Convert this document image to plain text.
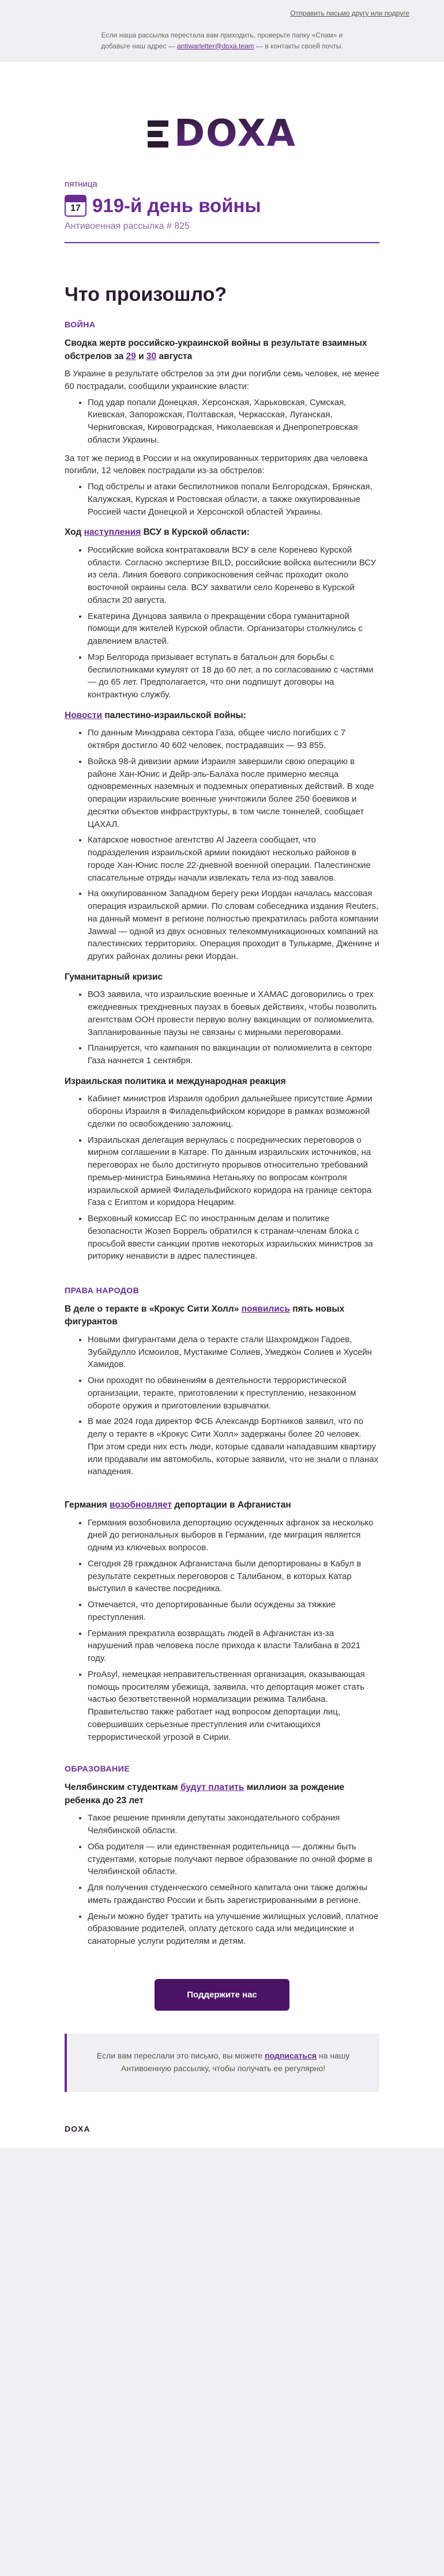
Отправить письмо другу или подруге
Если наша рассылка перестала вам приходить, проверьте папку «Спам» и добавьте наш адрес — antiwarletter@doxa.team — в контакты своей почты.
DOXA
пятница
17 919-й день войны
Антивоенная рассылка # 825
Что произошло?
ВОЙНА
Сводка жертв российско-украинской войны в результате взаимных обстрелов за 29 и 30 августа
В Украине в результате обстрелов за эти дни погибли семь человек, не менее 60 пострадали, сообщили украинские власти:
• Под удар попали Донецкая, Херсонская, Харьковская, Сумская, Киевская, Запорожская, Полтавская, Черкасская, Луганская, Черниговская, Кировоградская, Николаевская и Днепропетровская области Украины.
За тот же период в России и на оккупированных территориях два человека погибли, 12 человек пострадали из-за обстрелов:
• Под обстрелы и атаки беспилотников попали Белгородская, Брянская, Калужская, Курская и Ростовская области, а также оккупированные Россией части Донецкой и Херсонской областей Украины.
Ход наступления ВСУ в Курской области:
• Российские войска контратаковали ВСУ в селе Коренево Курской области. Согласно экспертизе BILD, российские войска вытеснили ВСУ из села. Линия боевого соприкосновения сейчас проходит около восточной окраины села. ВСУ захватили село Коренево в Курской области 20 августа.
• Екатерина Дунцова заявила о прекращении сбора гуманитарной помощи для жителей Курской области. Организаторы столкнулись с давлением властей.
• Мэр Белгорода призывает вступать в батальон для борьбы с беспилотниками кумулят от 18 до 60 лет, а по согласованию с частями — до 65 лет. Предполагается, что они подпишут договоры на контрактную службу.
Новости палестино-израильской войны:
• По данным Минздрава сектора Газа, общее число погибших с 7 октября достигло 40 602 человек, пострадавших — 93 855.
• Войска 98-й дивизии армии Израиля завершили свою операцию в районе Хан-Юнис и Дейр-эль-Балаха после примерно месяца одновременных наземных и подземных оперативных действий. В ходе операции израильские военные уничтожили более 250 боевиков и десятки объектов инфраструктуры, в том числе тоннелей, сообщает ЦАХАЛ.
• Катарское новостное агентство Al Jazeera сообщает, что подразделения израильской армии покидают несколько районов в городе Хан-Юнис после 22-дневной военной операции. Палестинские спасательные отряды начали извлекать тела из-под завалов.
• На оккупированном Западном берегу реки Иордан началась массовая операция израильской армии. По словам собеседника издания Reuters, на данный момент в регионе полностью прекратилась работа компании Jawwal — одной из двух основных телекоммуникационных компаний на палестинских территориях. Операция проходит в Тулькарме, Дженине и других районах долины реки Иордан.
Гуманитарный кризис
• ВОЗ заявила, что израильские военные и ХАМАС договорились о трех ежедневных трехдневных паузах в боевых действиях, чтобы позволить агентствам ООН провести первую волну вакцинации от полиомиелита. Запланированные паузы не связаны с мирными переговорами.
• Планируется, что кампания по вакцинации от полиомиелита в секторе Газа начнется 1 сентября.
Израильская политика и международная реакция
• Кабинет министров Израиля одобрил дальнейшее присутствие Армии обороны Израиля в Филадельфийском коридоре в рамках возможной сделки по освобождению заложниц.
• Израильская делегация вернулась с посреднических переговоров о мирном соглашении в Катаре. По данным израильских источников, на переговорах не было достигнуто прорывов относительно требований премьер-министра Биньямина Нетаньяху по вопросам контроля израильской армией Филадельфийского коридора на границе сектора Газа с Египтом и коридора Нецарим.
• Верховный комиссар ЕС по иностранным делам и политике безопасности Жозеп Боррель обратился к странам-членам блока с просьбой ввести санкции против некоторых израильских министров за риторику ненависти в адрес палестинцев.
ПРАВА НАРОДОВ
В деле о теракте в «Крокус Сити Холл» появились пять новых фигурантов
• Новыми фигурантами дела о теракте стали Шахромджон Гадоев, Зубайдулло Исмоилов, Мустакиме Солиев, Умеджон Солиев и Хусейн Хамидов.
• Они проходят по обвинениям в деятельности террористической организации, теракте, приготовлении к преступлению, незаконном обороте оружия и приготовлении взрывчатки.
• В мае 2024 года директор ФСБ Александр Бортников заявил, что по делу о теракте в «Крокус Сити Холл» задержаны более 20 человек. При этом среди них есть люди, которые сдавали нападавшим квартиру или продавали им автомобиль, которые заявили, что не знали о планах нападения.
Германия возобновляет депортации в Афганистан
• Германия возобновила депортацию осужденных афганок за несколько дней до региональных выборов в Германии, где миграция является одним из ключевых вопросов.
• Сегодня 28 гражданок Афганистана были депортированы в Кабул в результате секретных переговоров с Талибаном, в которых Катар выступил в качестве посредника.
• Отмечается, что депортированные были осуждены за тяжкие преступления.
• Германия прекратила возвращать людей в Афганистан из-за нарушений прав человека после прихода к власти Талибана в 2021 году.
• ProAsyl, немецкая неправительственная организация, оказывающая помощь просителям убежища, заявила, что депортация может стать частью безответственной нормализации режима Талибана. Правительство также работает над вопросом депортации лиц, совершивших серьезные преступления или считающихся террористической угрозой в Сирии.
ОБРАЗОВАНИЕ
Челябинским студенткам будут платить миллион за рождение ребенка до 23 лет
• Такое решение приняли депутаты законодательного собрания Челябинской области.
• Оба родителя — или единственная родительница — должны быть студентами, которые получают первое образование по очной форме в Челябинской области.
• Для получения студенческого семейного капитала они также должны иметь гражданство России и быть зарегистрированными в регионе.
• Деньги можно будет тратить на улучшение жилищных условий, платное образование родителей, оплату детского сада или медицинские и санаторные услуги родителям и детям.
Поддержите нас
Если вам переслали это письмо, вы можете подписаться на нашу Антивоенную рассылку, чтобы получать ее регулярно!
DOXA
